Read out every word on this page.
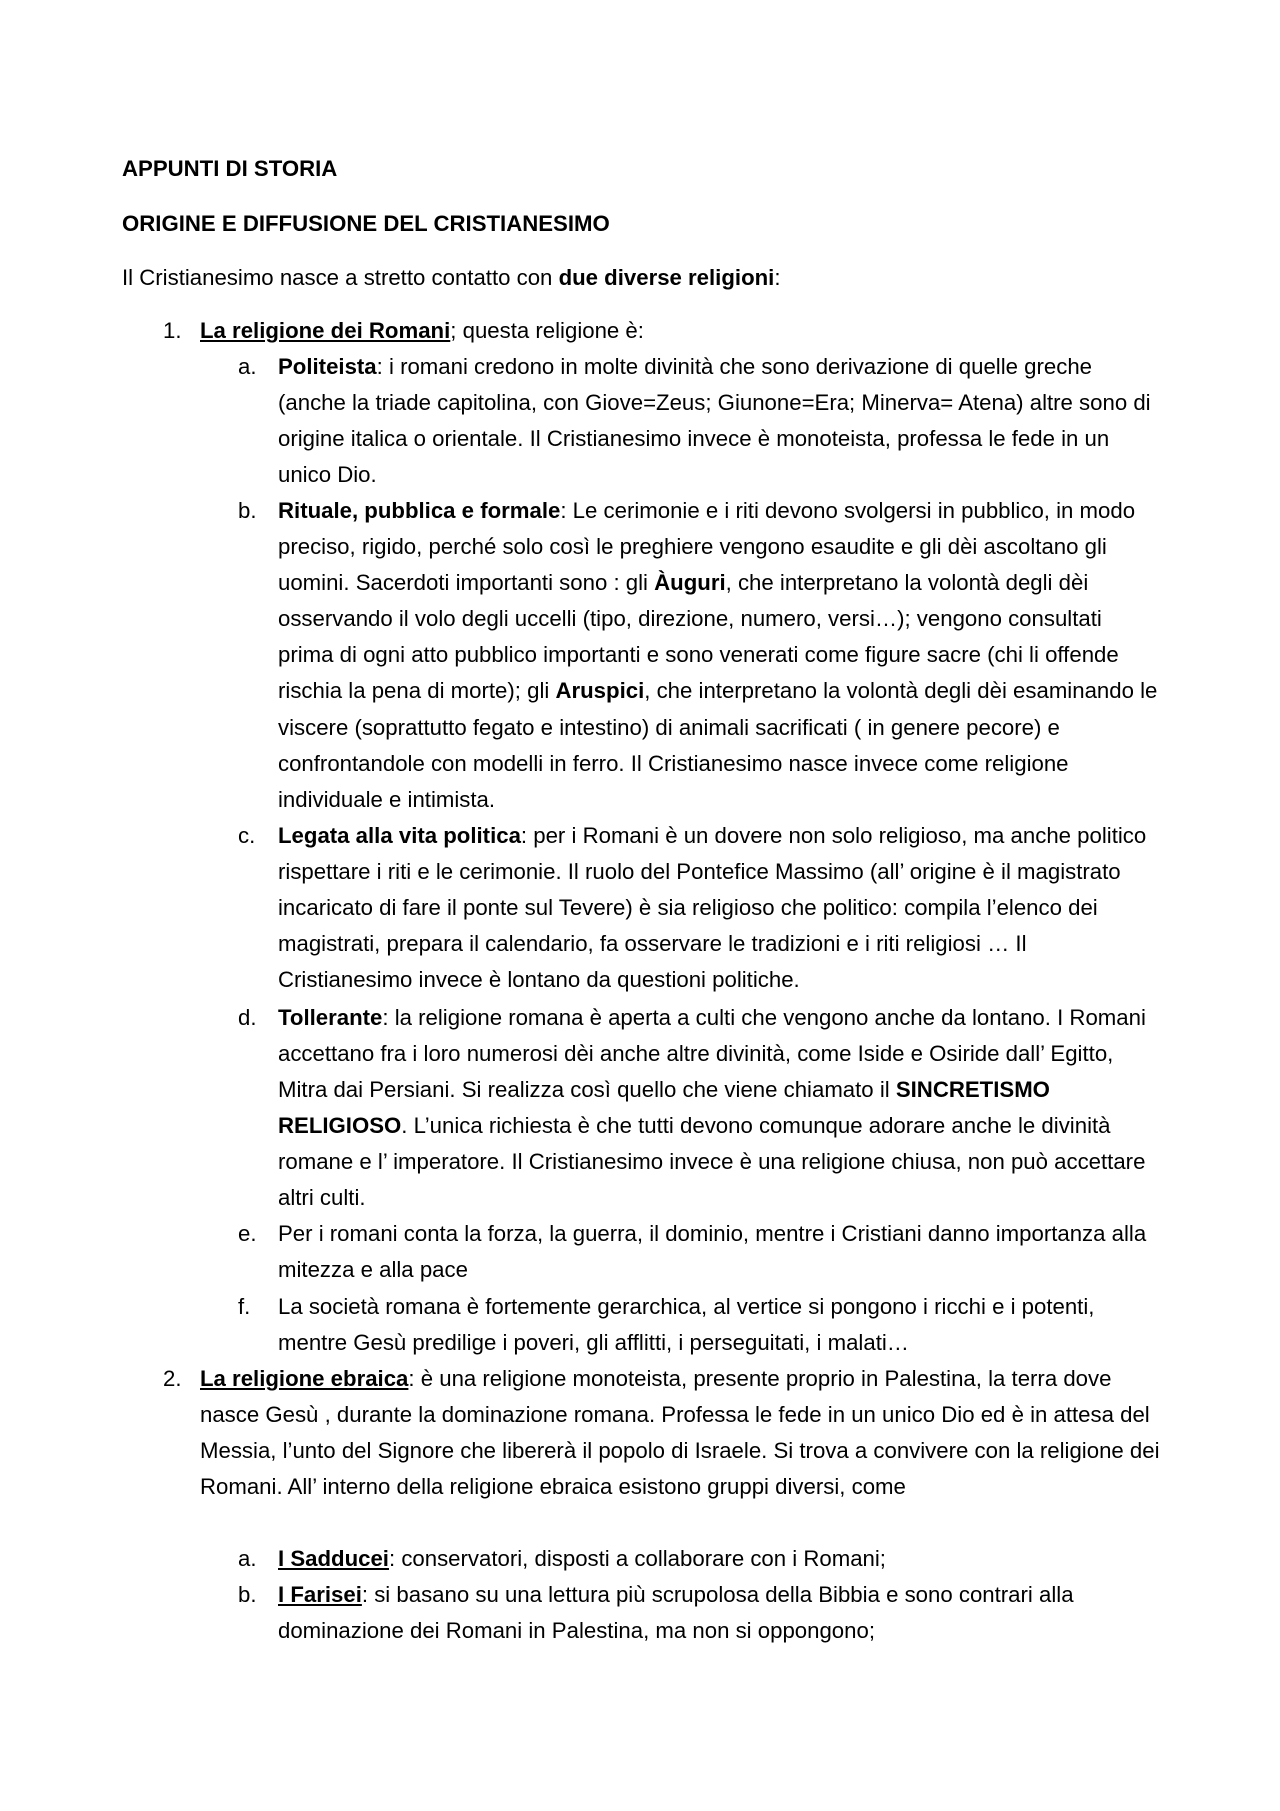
APPUNTI DI STORIA
ORIGINE E DIFFUSIONE DEL CRISTIANESIMO
Il Cristianesimo nasce a stretto contatto con due diverse religioni:
1. La religione dei Romani; questa religione è:
a. Politeista: i romani credono in molte divinità che sono derivazione di quelle greche (anche la triade capitolina, con Giove=Zeus; Giunone=Era; Minerva= Atena) altre sono di origine italica o orientale. Il Cristianesimo invece è monoteista, professa le fede in un unico Dio.
b. Rituale, pubblica e formale: Le cerimonie e i riti devono svolgersi in pubblico, in modo preciso, rigido, perché solo così le preghiere vengono esaudite e gli dèi ascoltano gli uomini. Sacerdoti importanti sono : gli Àuguri, che interpretano la volontà degli dèi osservando il volo degli uccelli (tipo, direzione, numero, versi…); vengono consultati prima di ogni atto pubblico importanti e sono venerati come figure sacre (chi li offende rischia la pena di morte); gli Aruspici, che interpretano la volontà degli dèi esaminando le viscere (soprattutto fegato e intestino) di animali sacrificati ( in genere pecore) e confrontandole con modelli in ferro. Il Cristianesimo nasce invece come religione individuale e intimista.
c. Legata alla vita politica: per i Romani è un dovere non solo religioso, ma anche politico rispettare i riti e le cerimonie. Il ruolo del Pontefice Massimo (all’ origine è il magistrato incaricato di fare il ponte sul Tevere) è sia religioso che politico: compila l’elenco dei magistrati, prepara il calendario, fa osservare le tradizioni e i riti religiosi … Il Cristianesimo invece è lontano da questioni politiche.
d. Tollerante: la religione romana è aperta a culti che vengono anche da lontano. I Romani accettano fra i loro numerosi dèi anche altre divinità, come Iside e Osiride dall’ Egitto, Mitra dai Persiani. Si realizza così quello che viene chiamato il SINCRETISMO RELIGIOSO. L’unica richiesta è che tutti devono comunque adorare anche le divinità romane e l’ imperatore. Il Cristianesimo invece è una religione chiusa, non può accettare altri culti.
e. Per i romani conta la forza, la guerra, il dominio, mentre i Cristiani danno importanza alla mitezza e alla pace
f. La società romana è fortemente gerarchica, al vertice si pongono i ricchi e i potenti, mentre Gesù predilige i poveri, gli afflitti, i perseguitati, i malati…
2. La religione ebraica: è una religione monoteista, presente proprio in Palestina, la terra dove nasce Gesù , durante la dominazione romana. Professa le fede in un unico Dio ed è in attesa del Messia, l’unto del Signore che libererà il popolo di Israele. Si trova a convivere con la religione dei Romani. All’ interno della religione ebraica esistono gruppi diversi, come
a. I Sadducei: conservatori, disposti a collaborare con i Romani;
b. I Farisei: si basano su una lettura più scrupolosa della Bibbia e sono contrari alla dominazione dei Romani in Palestina, ma non si oppongono;
